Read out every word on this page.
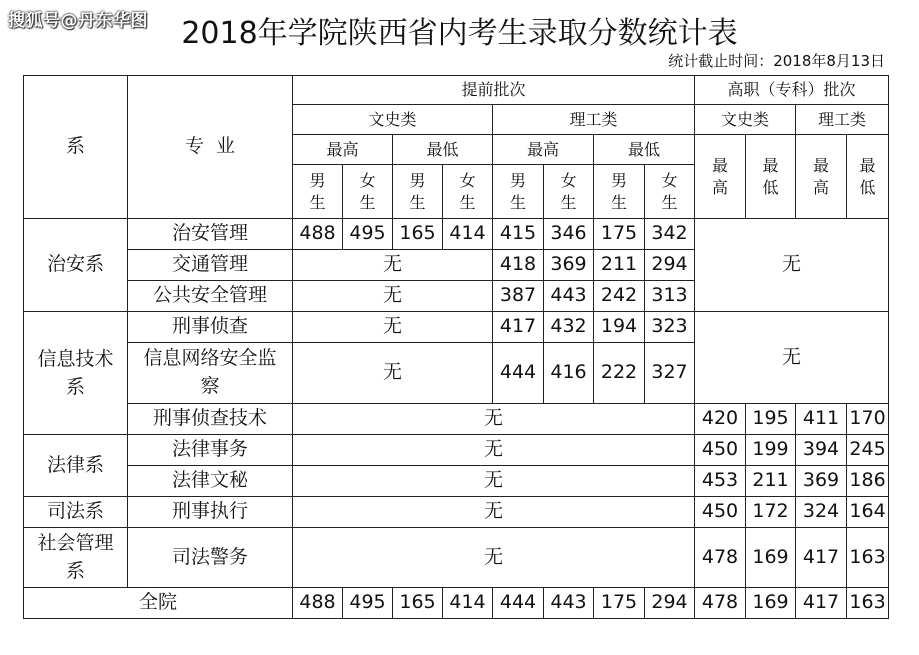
搜狐号@丹东华图	2018年学院陕西省内考生录取分数统计表
统计截止时间：2018年8月13日
系	专  业	提前批次								高职（专科）批次			
		文史类				理工类				文史类		理工类	
		最高		最低		最高		最低		最高	最低	最高	最低
		男生	女生	男生	女生	男生	女生	男生	女生				
治安系	治安管理	488	495	165	414	415	346	175	342	无			
	交通管理	无				418	369	211	294				
	公共安全管理	无				387	443	242	313				
信息技术系	刑事侦查	无				417	432	194	323	无			
	信息网络安全监察	无				444	416	222	327				
	刑事侦查技术	无								420	195	411	170
法律系	法律事务	无								450	199	394	245
	法律文秘	无								453	211	369	186
司法系	刑事执行	无								450	172	324	164
社会管理系	司法警务	无								478	169	417	163
全院		488	495	165	414	444	443	175	294	478	169	417	163
